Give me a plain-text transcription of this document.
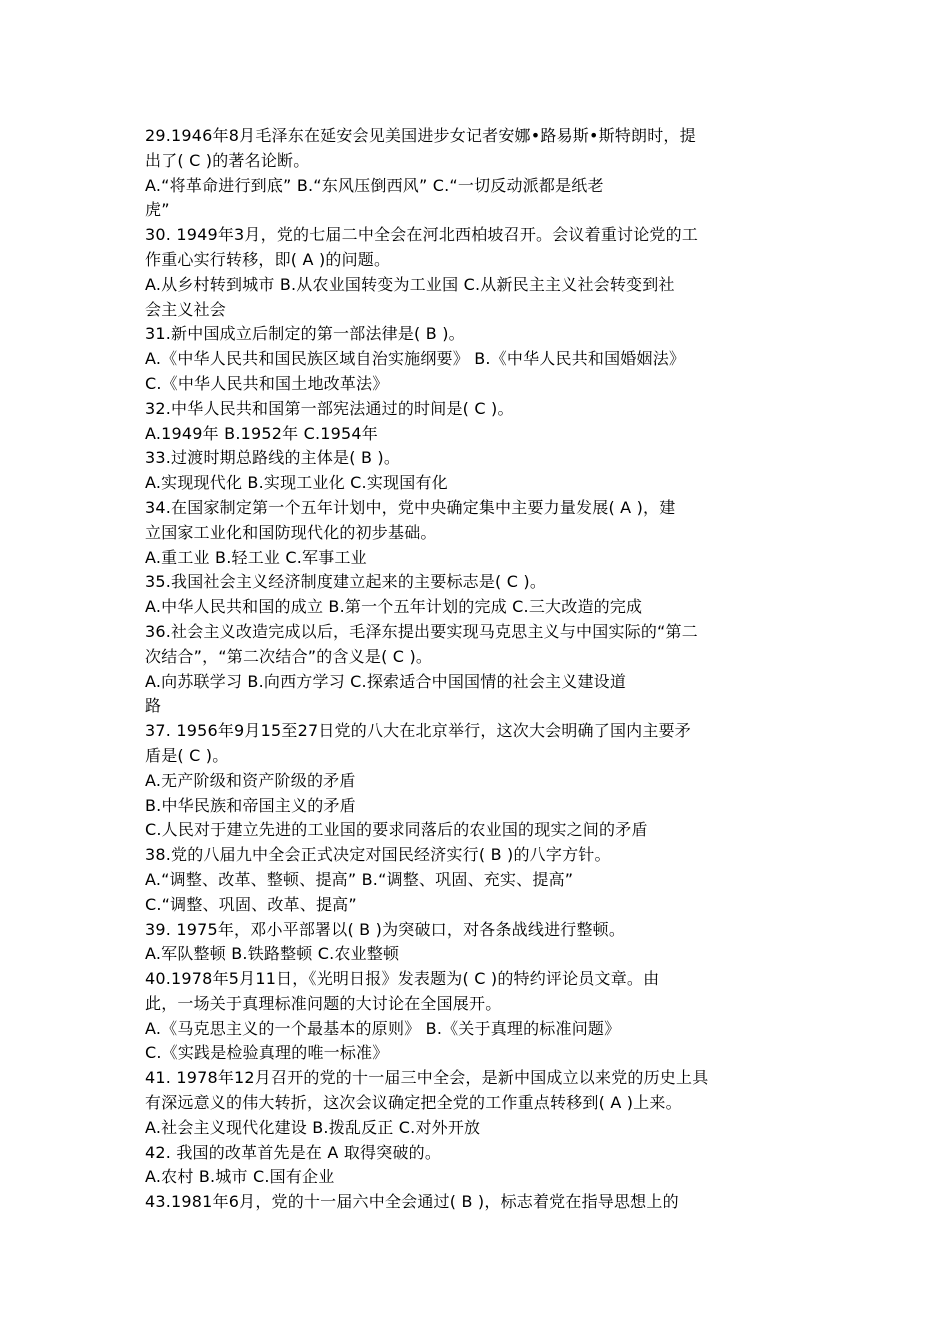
29.1946年8月毛泽东在延安会见美国进步女记者安娜•路易斯•斯特朗时，提
出了( C )的著名论断。
A.“将革命进行到底” B.“东风压倒西风” C.“一切反动派都是纸老
虎”
30. 1949年3月，党的七届二中全会在河北西柏坡召开。会议着重讨论党的工
作重心实行转移，即( A )的问题。
A.从乡村转到城市 B.从农业国转变为工业国 C.从新民主主义社会转变到社
会主义社会
31.新中国成立后制定的第一部法律是( B )。
A.《中华人民共和国民族区域自治实施纲要》 B.《中华人民共和国婚姻法》
C.《中华人民共和国土地改革法》
32.中华人民共和国第一部宪法通过的时间是( C )。
A.1949年 B.1952年 C.1954年
33.过渡时期总路线的主体是( B )。
A.实现现代化 B.实现工业化 C.实现国有化
34.在国家制定第一个五年计划中，党中央确定集中主要力量发展( A )，建
立国家工业化和国防现代化的初步基础。
A.重工业 B.轻工业 C.军事工业
35.我国社会主义经济制度建立起来的主要标志是( C )。
A.中华人民共和国的成立 B.第一个五年计划的完成 C.三大改造的完成
36.社会主义改造完成以后，毛泽东提出要实现马克思主义与中国实际的“第二
次结合”，“第二次结合”的含义是( C )。
A.向苏联学习 B.向西方学习 C.探索适合中国国情的社会主义建设道
路
37. 1956年9月15至27日党的八大在北京举行，这次大会明确了国内主要矛
盾是( C )。
A.无产阶级和资产阶级的矛盾
B.中华民族和帝国主义的矛盾
C.人民对于建立先进的工业国的要求同落后的农业国的现实之间的矛盾
38.党的八届九中全会正式决定对国民经济实行( B )的八字方针。
A.“调整、改革、整顿、提高” B.“调整、巩固、充实、提高”
C.“调整、巩固、改革、提高”
39. 1975年，邓小平部署以( B )为突破口，对各条战线进行整顿。
A.军队整顿 B.铁路整顿 C.农业整顿
40.1978年5月11日，《光明日报》发表题为( C )的特约评论员文章。由
此，一场关于真理标准问题的大讨论在全国展开。
A.《马克思主义的一个最基本的原则》 B.《关于真理的标准问题》
C.《实践是检验真理的唯一标准》
41. 1978年12月召开的党的十一届三中全会，是新中国成立以来党的历史上具
有深远意义的伟大转折，这次会议确定把全党的工作重点转移到( A )上来。
A.社会主义现代化建设 B.拨乱反正 C.对外开放
42. 我国的改革首先是在 A 取得突破的。
A.农村 B.城市 C.国有企业
43.1981年6月，党的十一届六中全会通过( B )，标志着党在指导思想上的
